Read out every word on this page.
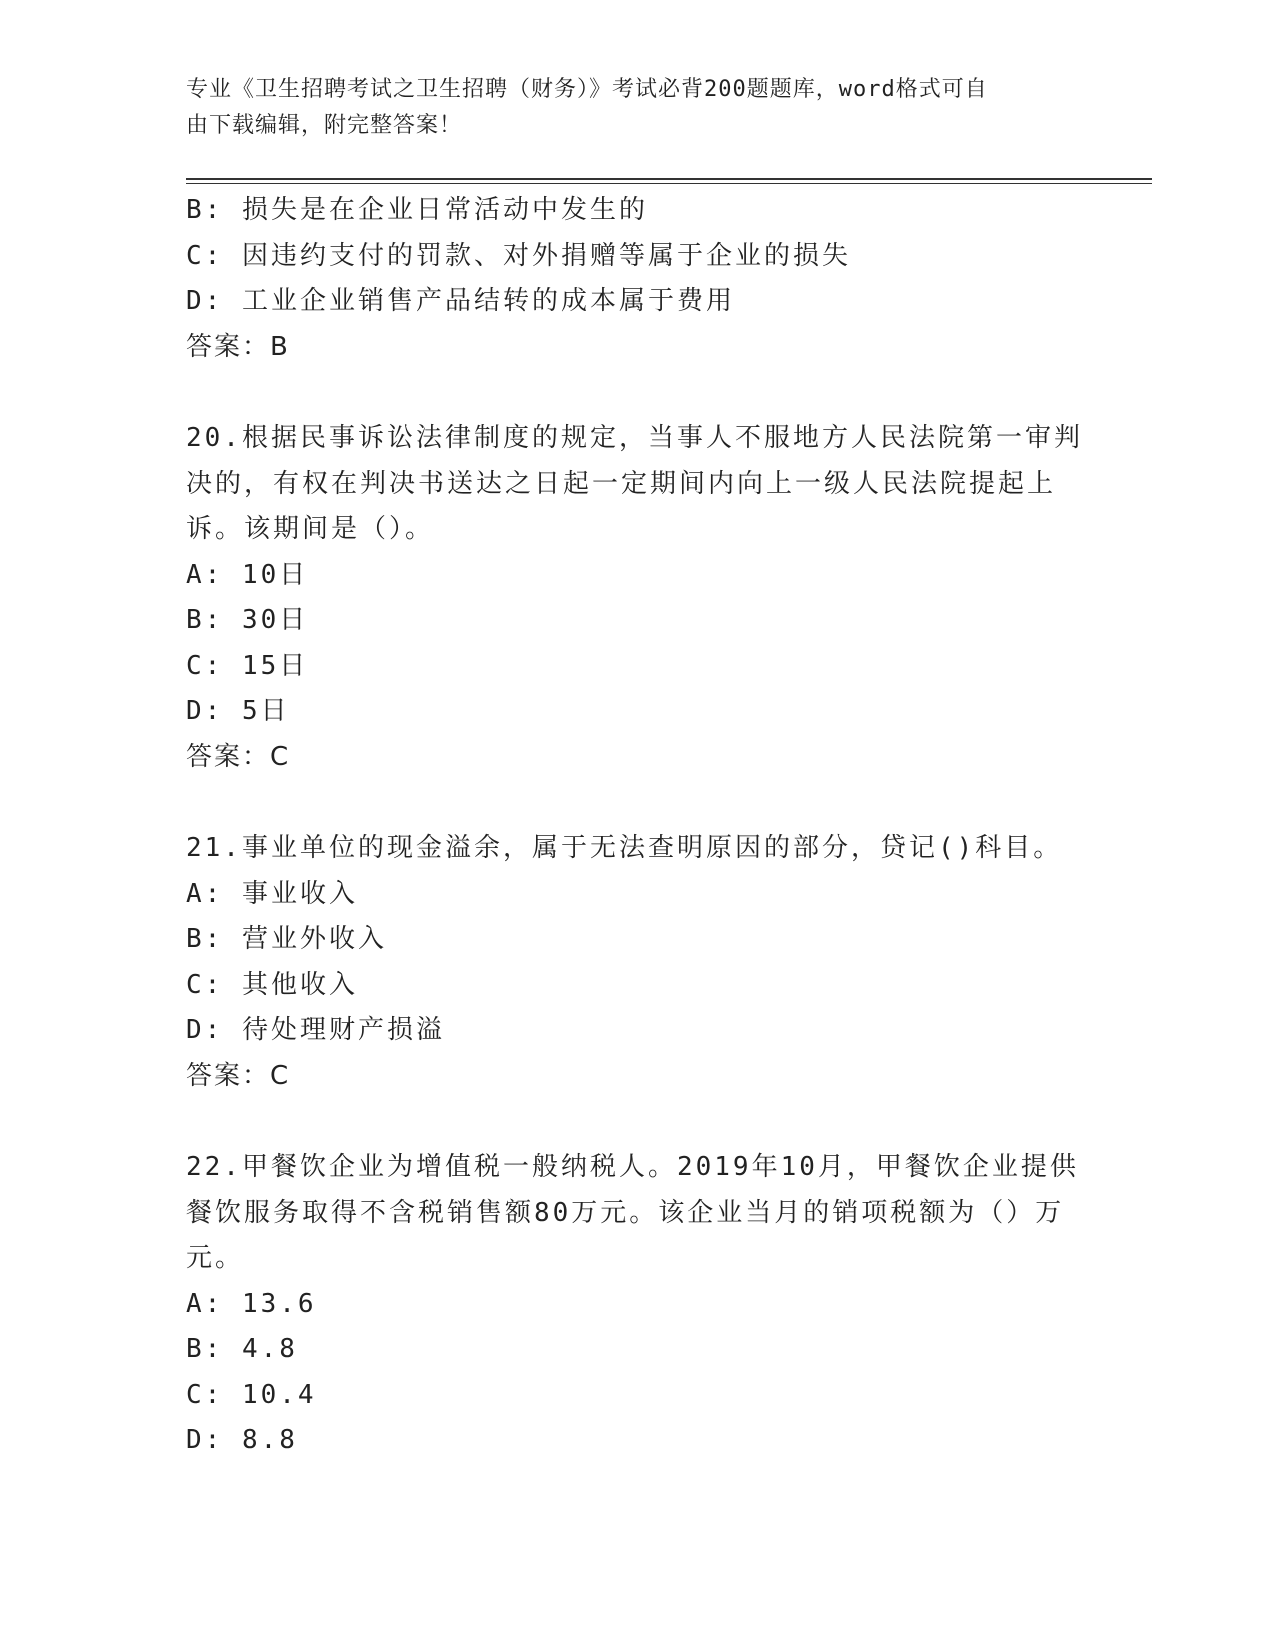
专业《卫生招聘考试之卫生招聘（财务）》考试必背200题题库，word格式可自
由下载编辑，附完整答案！
B: 损失是在企业日常活动中发生的
C: 因违约支付的罚款、对外捐赠等属于企业的损失
D: 工业企业销售产品结转的成本属于费用
答案：B
20.根据民事诉讼法律制度的规定，当事人不服地方人民法院第一审判
决的，有权在判决书送达之日起一定期间内向上一级人民法院提起上
诉。该期间是（）。
A: 10日
B: 30日
C: 15日
D: 5日
答案：C
21.事业单位的现金溢余，属于无法查明原因的部分，贷记()科目。
A: 事业收入
B: 营业外收入
C: 其他收入
D: 待处理财产损溢
答案：C
22.甲餐饮企业为增值税一般纳税人。2019年10月，甲餐饮企业提供
餐饮服务取得不含税销售额80万元。该企业当月的销项税额为（）万
元。
A: 13.6
B: 4.8
C: 10.4
D: 8.8
